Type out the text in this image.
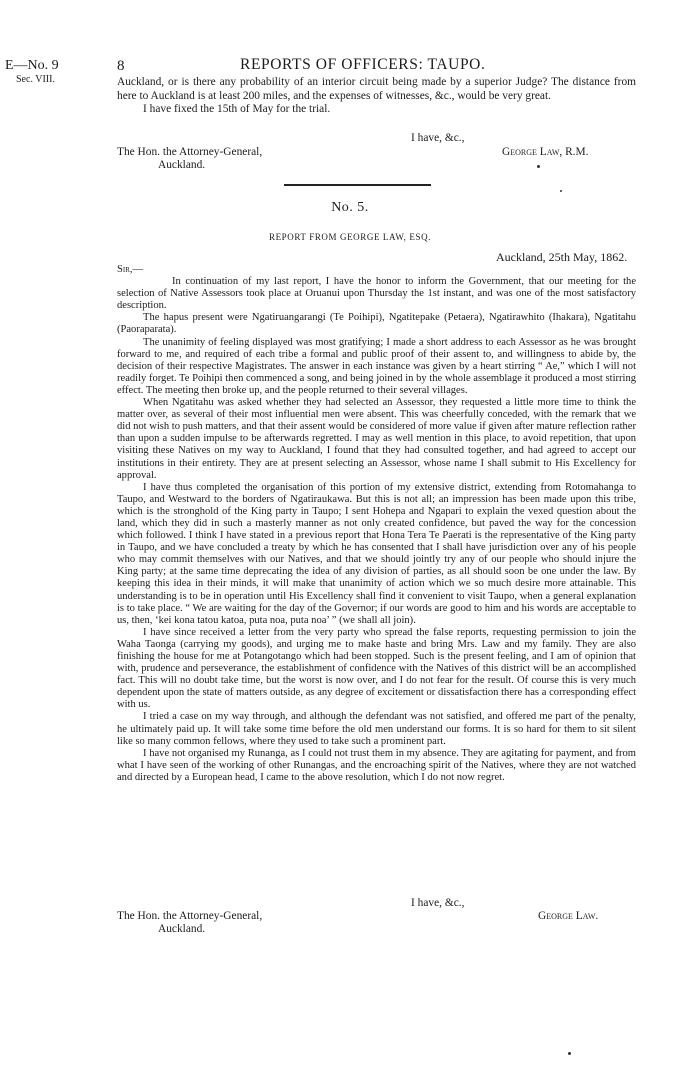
E—No. 9
Sec. VIII.
8	REPORTS OF OFFICERS: TAUPO.

Auckland, or is there any probability of an interior circuit being made by a superior Judge? The distance from here to Auckland is at least 200 miles, and the expenses of witnesses, &c., would be very great.

I have fixed the 15th of May for the trial.

I have, &c.,
The Hon. the Attorney-General,
Auckland.
George Law, R.M.
No. 5.
REPORT FROM GEORGE LAW, ESQ.
Auckland, 25th May, 1862.

Sir,—

In continuation of my last report, I have the honor to inform the Government, that our meeting for the selection of Native Assessors took place at Oruanui upon Thursday the 1st instant, and was one of the most satisfactory description.

The hapus present were Ngatiruangarangi (Te Poihipi), Ngatitepake (Petaera), Ngatirawhito (Ihakara), Ngatitahu (Paoraparata).

The unanimity of feeling displayed was most gratifying; I made a short address to each Assessor as he was brought forward to me, and required of each tribe a formal and public proof of their assent to, and willingness to abide by, the decision of their respective Magistrates. The answer in each instance was given by a heart stirring “ Ae,” which I will not readily forget. Te Poihipi then commenced a song, and being joined in by the whole assemblage it produced a most stirring effect. The meeting then broke up, and the people returned to their several villages.

When Ngatitahu was asked whether they had selected an Assessor, they requested a little more time to think the matter over, as several of their most influential men were absent. This was cheerfully conceded, with the remark that we did not wish to push matters, and that their assent would be considered of more value if given after mature reflection rather than upon a sudden impulse to be afterwards regretted. I may as well mention in this place, to avoid repetition, that upon visiting these Natives on my way to Auckland, I found that they had consulted together, and had agreed to accept our institutions in their entirety. They are at present selecting an Assessor, whose name I shall submit to His Excellency for approval.

I have thus completed the organisation of this portion of my extensive district, extending from Rotomahanga to Taupo, and Westward to the borders of Ngatiraukawa. But this is not all; an impression has been made upon this tribe, which is the stronghold of the King party in Taupo; I sent Hohepa and Ngapari to explain the vexed question about the land, which they did in such a masterly manner as not only created confidence, but paved the way for the concession which followed. I think I have stated in a previous report that Hona Tera Te Paerati is the representative of the King party in Taupo, and we have concluded a treaty by which he has consented that I shall have jurisdiction over any of his people who may commit themselves with our Natives, and that we should jointly try any of our people who should injure the King party; at the same time deprecating the idea of any division of parties, as all should soon be one under the law. By keeping this idea in their minds, it will make that unanimity of action which we so much desire more attainable. This understanding is to be in operation until His Excellency shall find it convenient to visit Taupo, when a general explanation is to take place. “ We are waiting for the day of the Governor; if our words are good to him and his words are acceptable to us, then, ‘kei kona tatou katoa, puta noa, puta noa’ ” (we shall all join).

I have since received a letter from the very party who spread the false reports, requesting permission to join the Waha Taonga (carrying my goods), and urging me to make haste and bring Mrs. Law and my family. They are also finishing the house for me at Potangotango which had been stopped. Such is the present feeling, and I am of opinion that with, prudence and perseverance, the establishment of confidence with the Natives of this district will be an accomplished fact. This will no doubt take time, but the worst is now over, and I do not fear for the result. Of course this is very much dependent upon the state of matters outside, as any degree of excitement or dissatisfaction there has a corresponding effect with us.

I tried a case on my way through, and although the defendant was not satisfied, and offered me part of the penalty, he ultimately paid up. It will take some time before the old men understand our forms. It is so hard for them to sit silent like so many common fellows, where they used to take such a prominent part.

I have not organised my Runanga, as I could not trust them in my absence. They are agitating for payment, and from what I have seen of the working of other Runangas, and the encroaching spirit of the Natives, where they are not watched and directed by a European head, I came to the above resolution, which I do not now regret.

I have, &c.,
The Hon. the Attorney-General,
Auckland.
George Law.
